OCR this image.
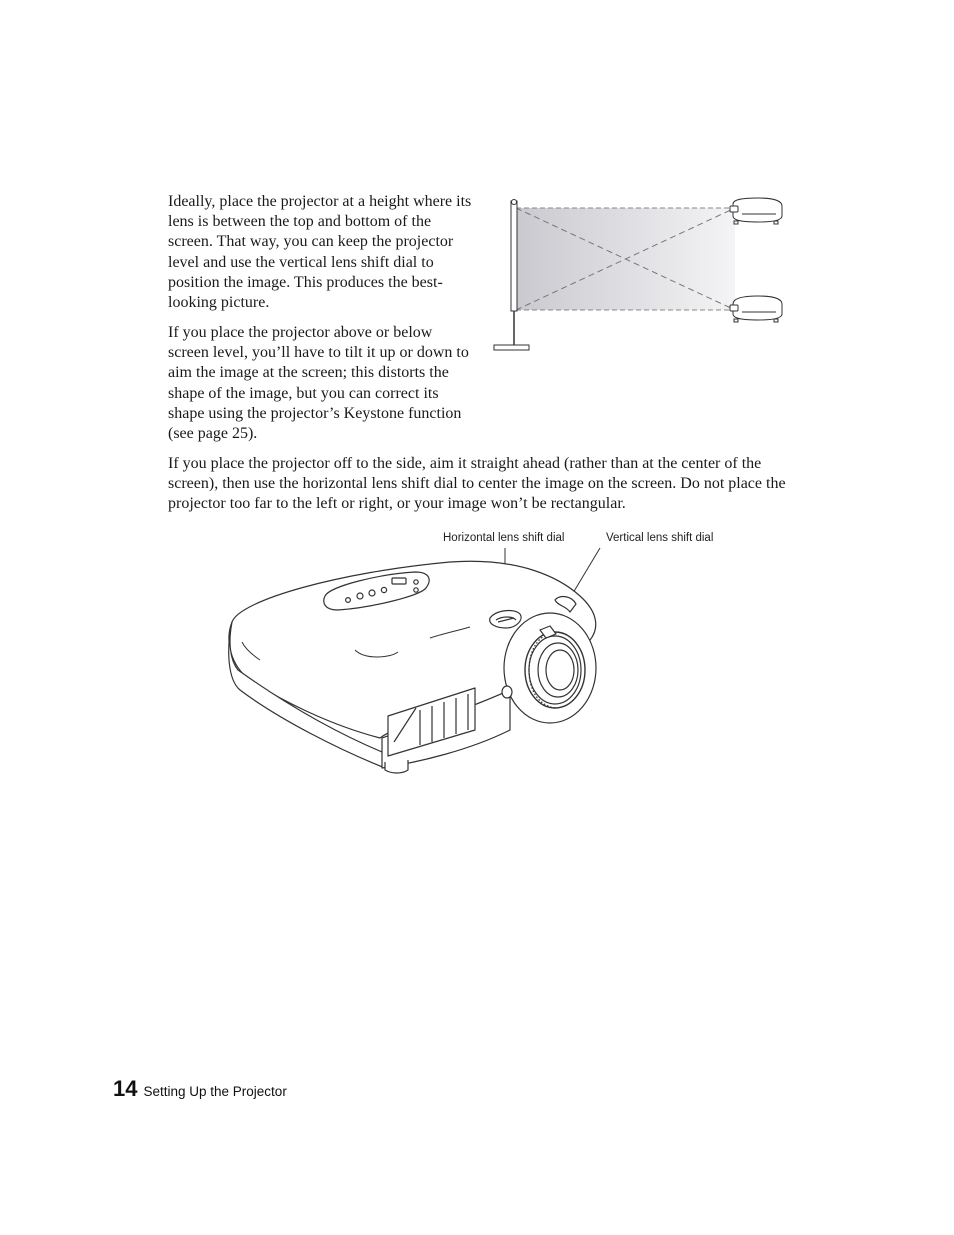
Ideally, place the projector at a height where its lens is between the top and bottom of the screen. That way, you can keep the projector level and use the vertical lens shift dial to position the image. This produces the best-looking picture.

If you place the projector above or below screen level, you’ll have to tilt it up or down to aim the image at the screen; this distorts the shape of the image, but you can correct its shape using the projector’s Keystone function (see page 25).

If you place the projector off to the side, aim it straight ahead (rather than at the center of the screen), then use the horizontal lens shift dial to center the image on the screen. Do not place the projector too far to the left or right, or your image won’t be rectangular.

Horizontal lens shift dial	Vertical lens shift dial
14 Setting Up the Projector
